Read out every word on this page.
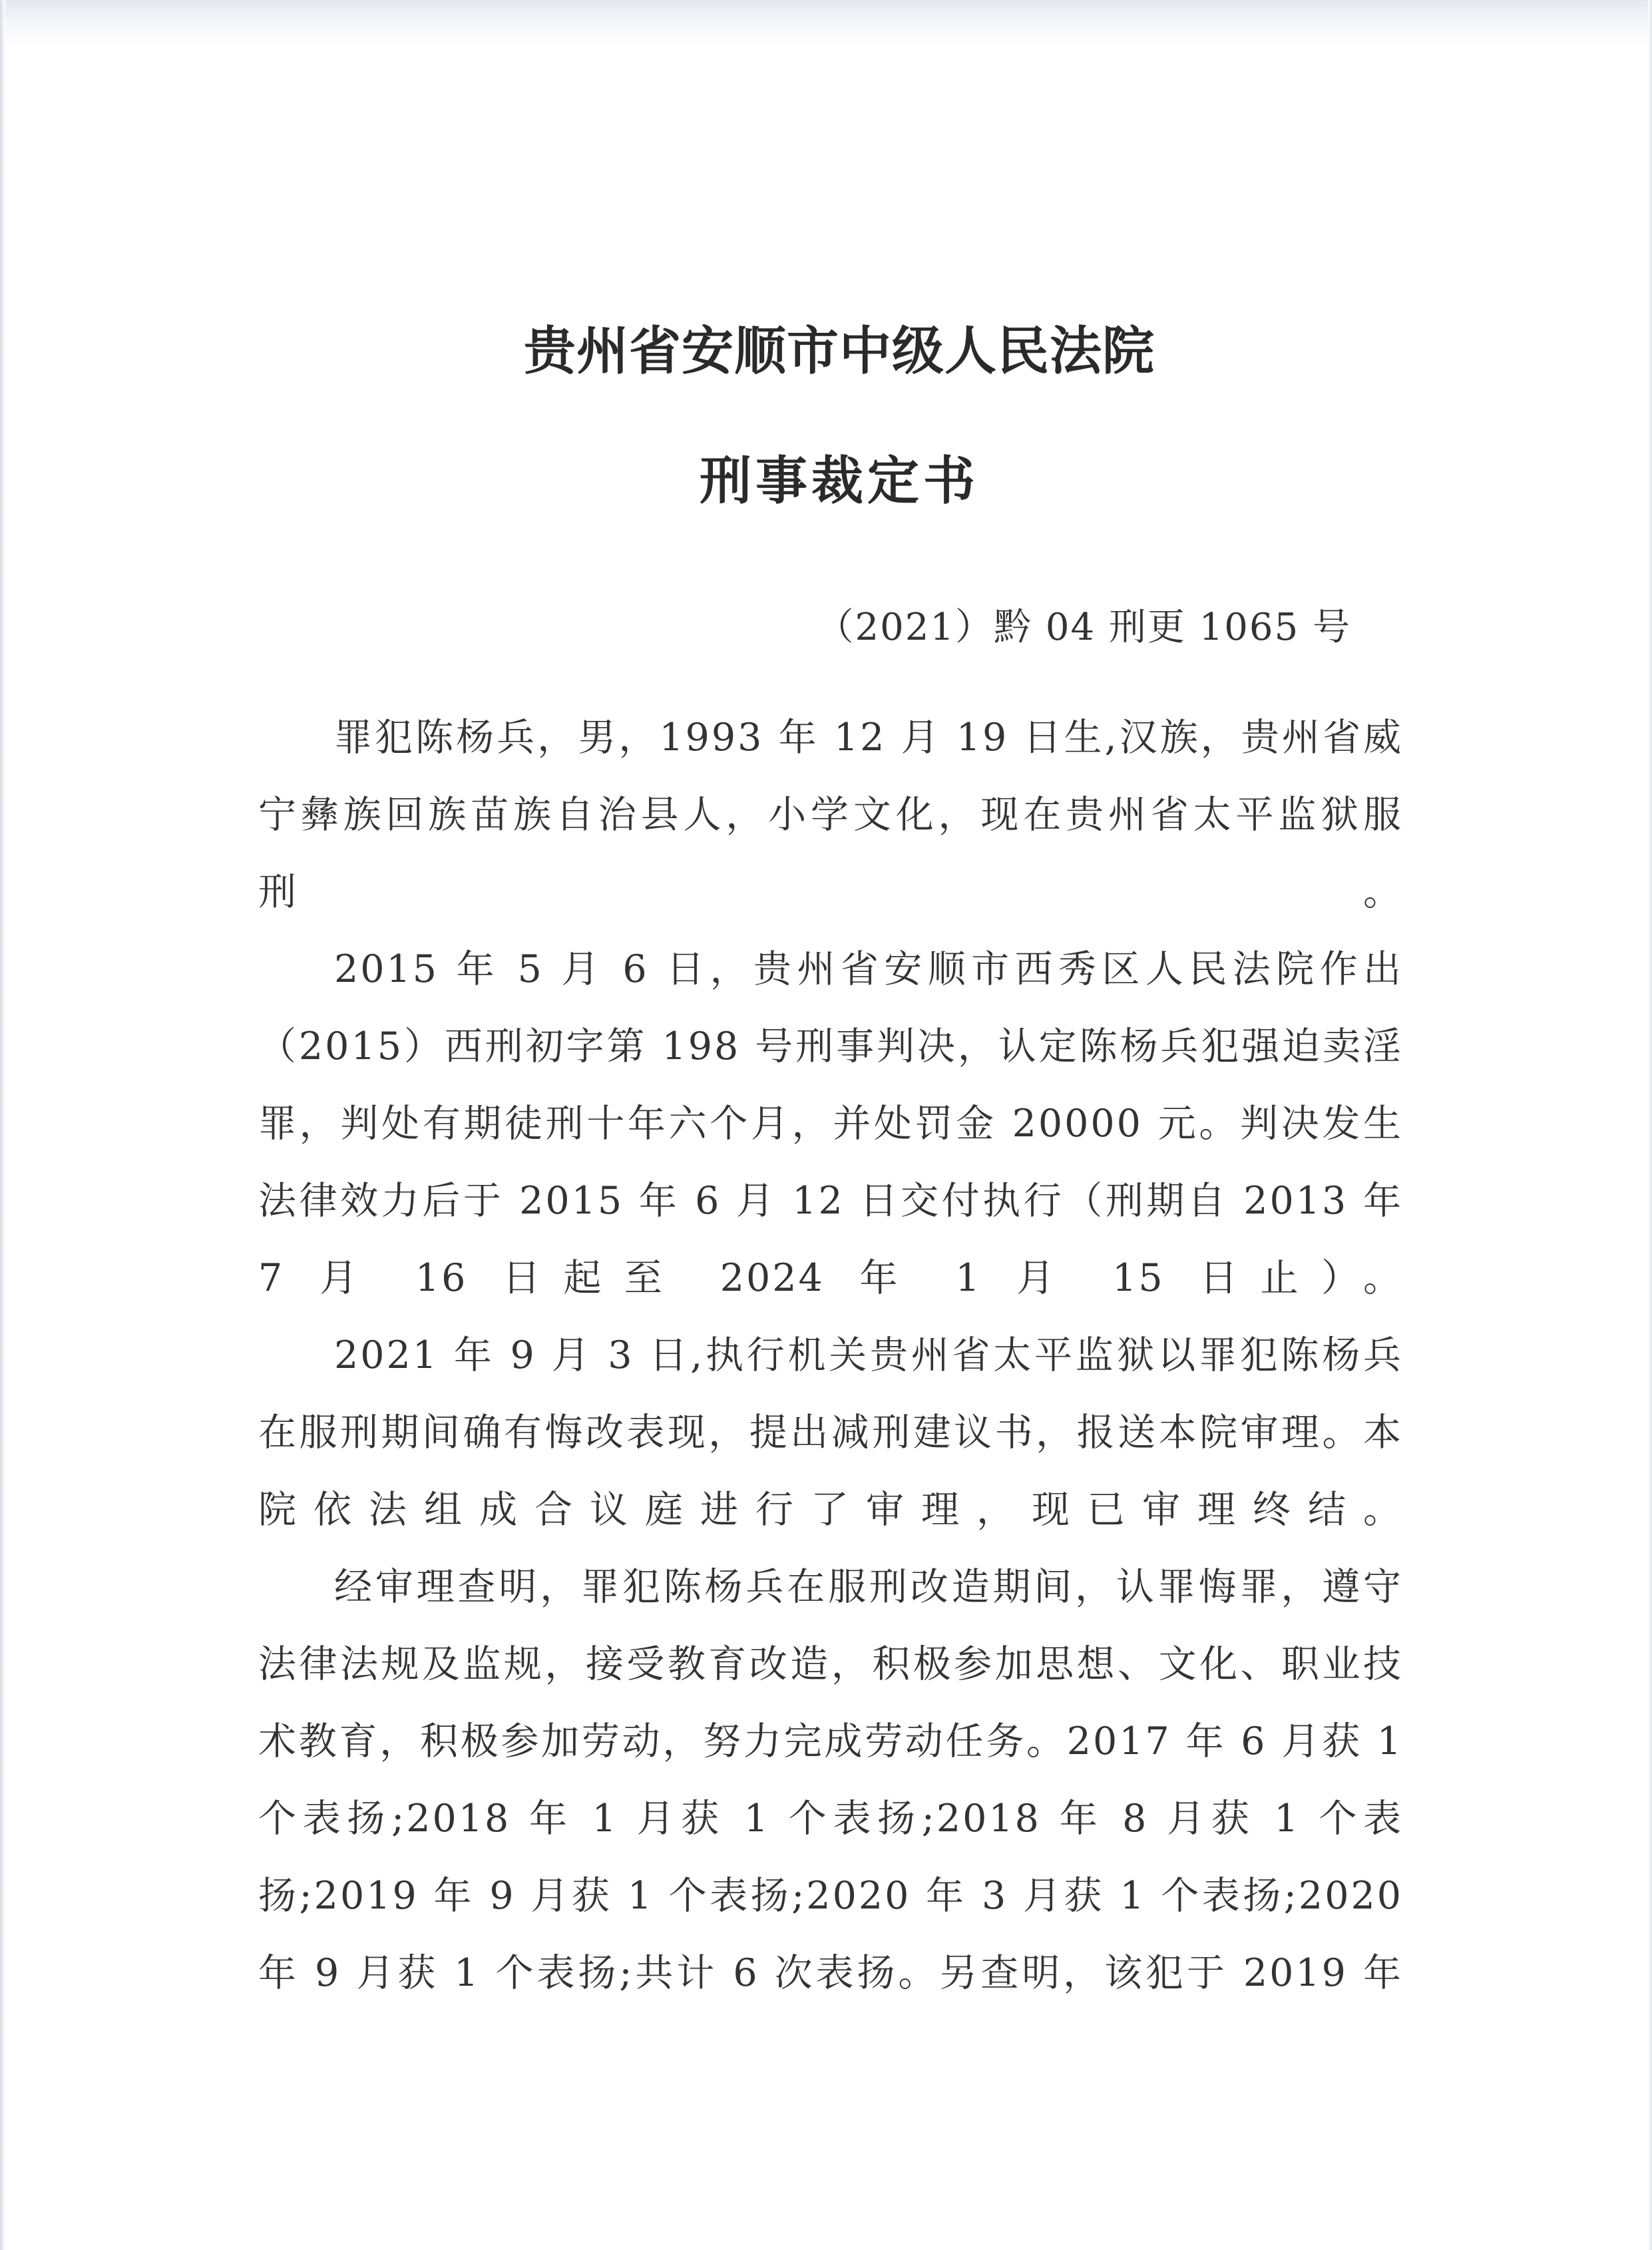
贵州省安顺市中级人民法院
刑事裁定书

（2021）黔 04 刑更 1065 号

罪犯陈杨兵，男，1993 年 12 月 19 日生,汉族，贵州省威宁彝族回族苗族自治县人，小学文化，现在贵州省太平监狱服刑。

2015 年 5 月 6 日，贵州省安顺市西秀区人民法院作出（2015）西刑初字第 198 号刑事判决，认定陈杨兵犯强迫卖淫罪，判处有期徒刑十年六个月，并处罚金 20000 元。判决发生法律效力后于 2015 年 6 月 12 日交付执行（刑期自 2013 年 7 月 16 日起至 2024 年 1 月 15 日止）。

2021 年 9 月 3 日,执行机关贵州省太平监狱以罪犯陈杨兵在服刑期间确有悔改表现，提出减刑建议书，报送本院审理。本院依法组成合议庭进行了审理，现已审理终结。

经审理查明，罪犯陈杨兵在服刑改造期间，认罪悔罪，遵守法律法规及监规，接受教育改造，积极参加思想、文化、职业技术教育，积极参加劳动，努力完成劳动任务。2017 年 6 月获 1 个表扬;2018 年 1 月获 1 个表扬;2018 年 8 月获 1 个表扬;2019 年 9 月获 1 个表扬;2020 年 3 月获 1 个表扬;2020 年 9 月获 1 个表扬;共计 6 次表扬。另查明，该犯于 2019 年
